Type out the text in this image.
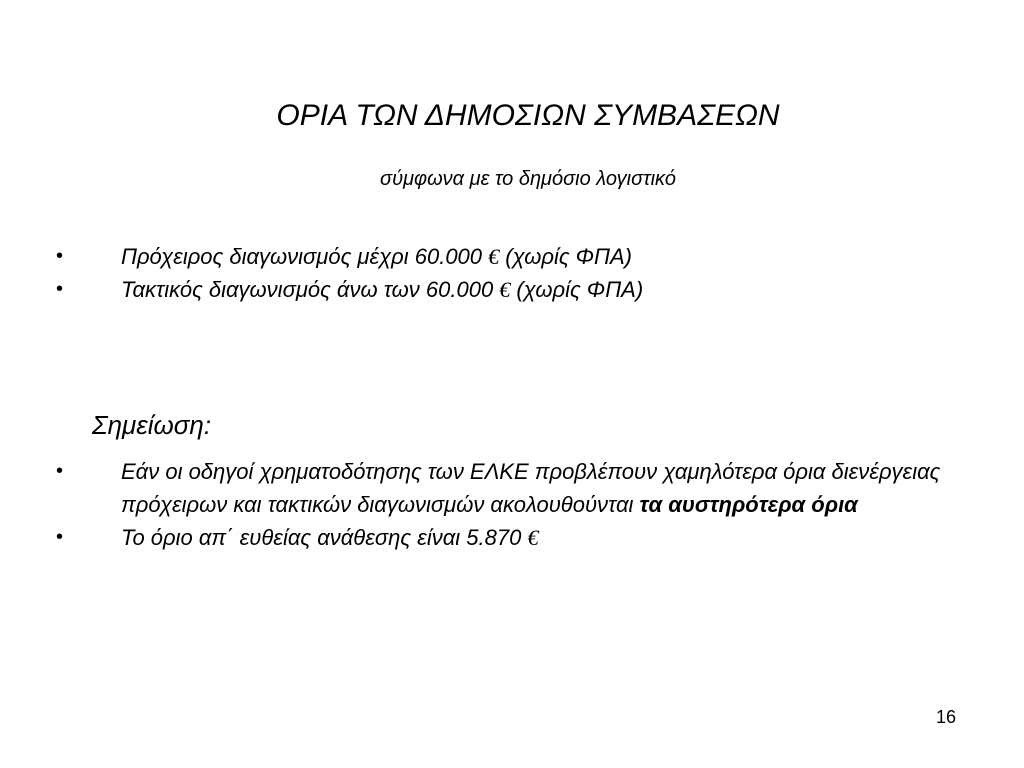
ΟΡΙΑ ΤΩΝ ΔΗΜΟΣΙΩΝ ΣΥΜΒΑΣΕΩΝ
σύμφωνα με το δημόσιο λογιστικό
•	Πρόχειρος διαγωνισμός μέχρι 60.000 € (χωρίς ΦΠΑ)
•	Τακτικός διαγωνισμός άνω των 60.000 € (χωρίς ΦΠΑ)
Σημείωση:
•	Εάν οι οδηγοί χρηματοδότησης των ΕΛΚΕ προβλέπουν χαμηλότερα όρια διενέργειας πρόχειρων και τακτικών διαγωνισμών ακολουθούνται τα αυστηρότερα όρια
•	Το όριο απ΄ ευθείας ανάθεσης είναι 5.870 €
16
